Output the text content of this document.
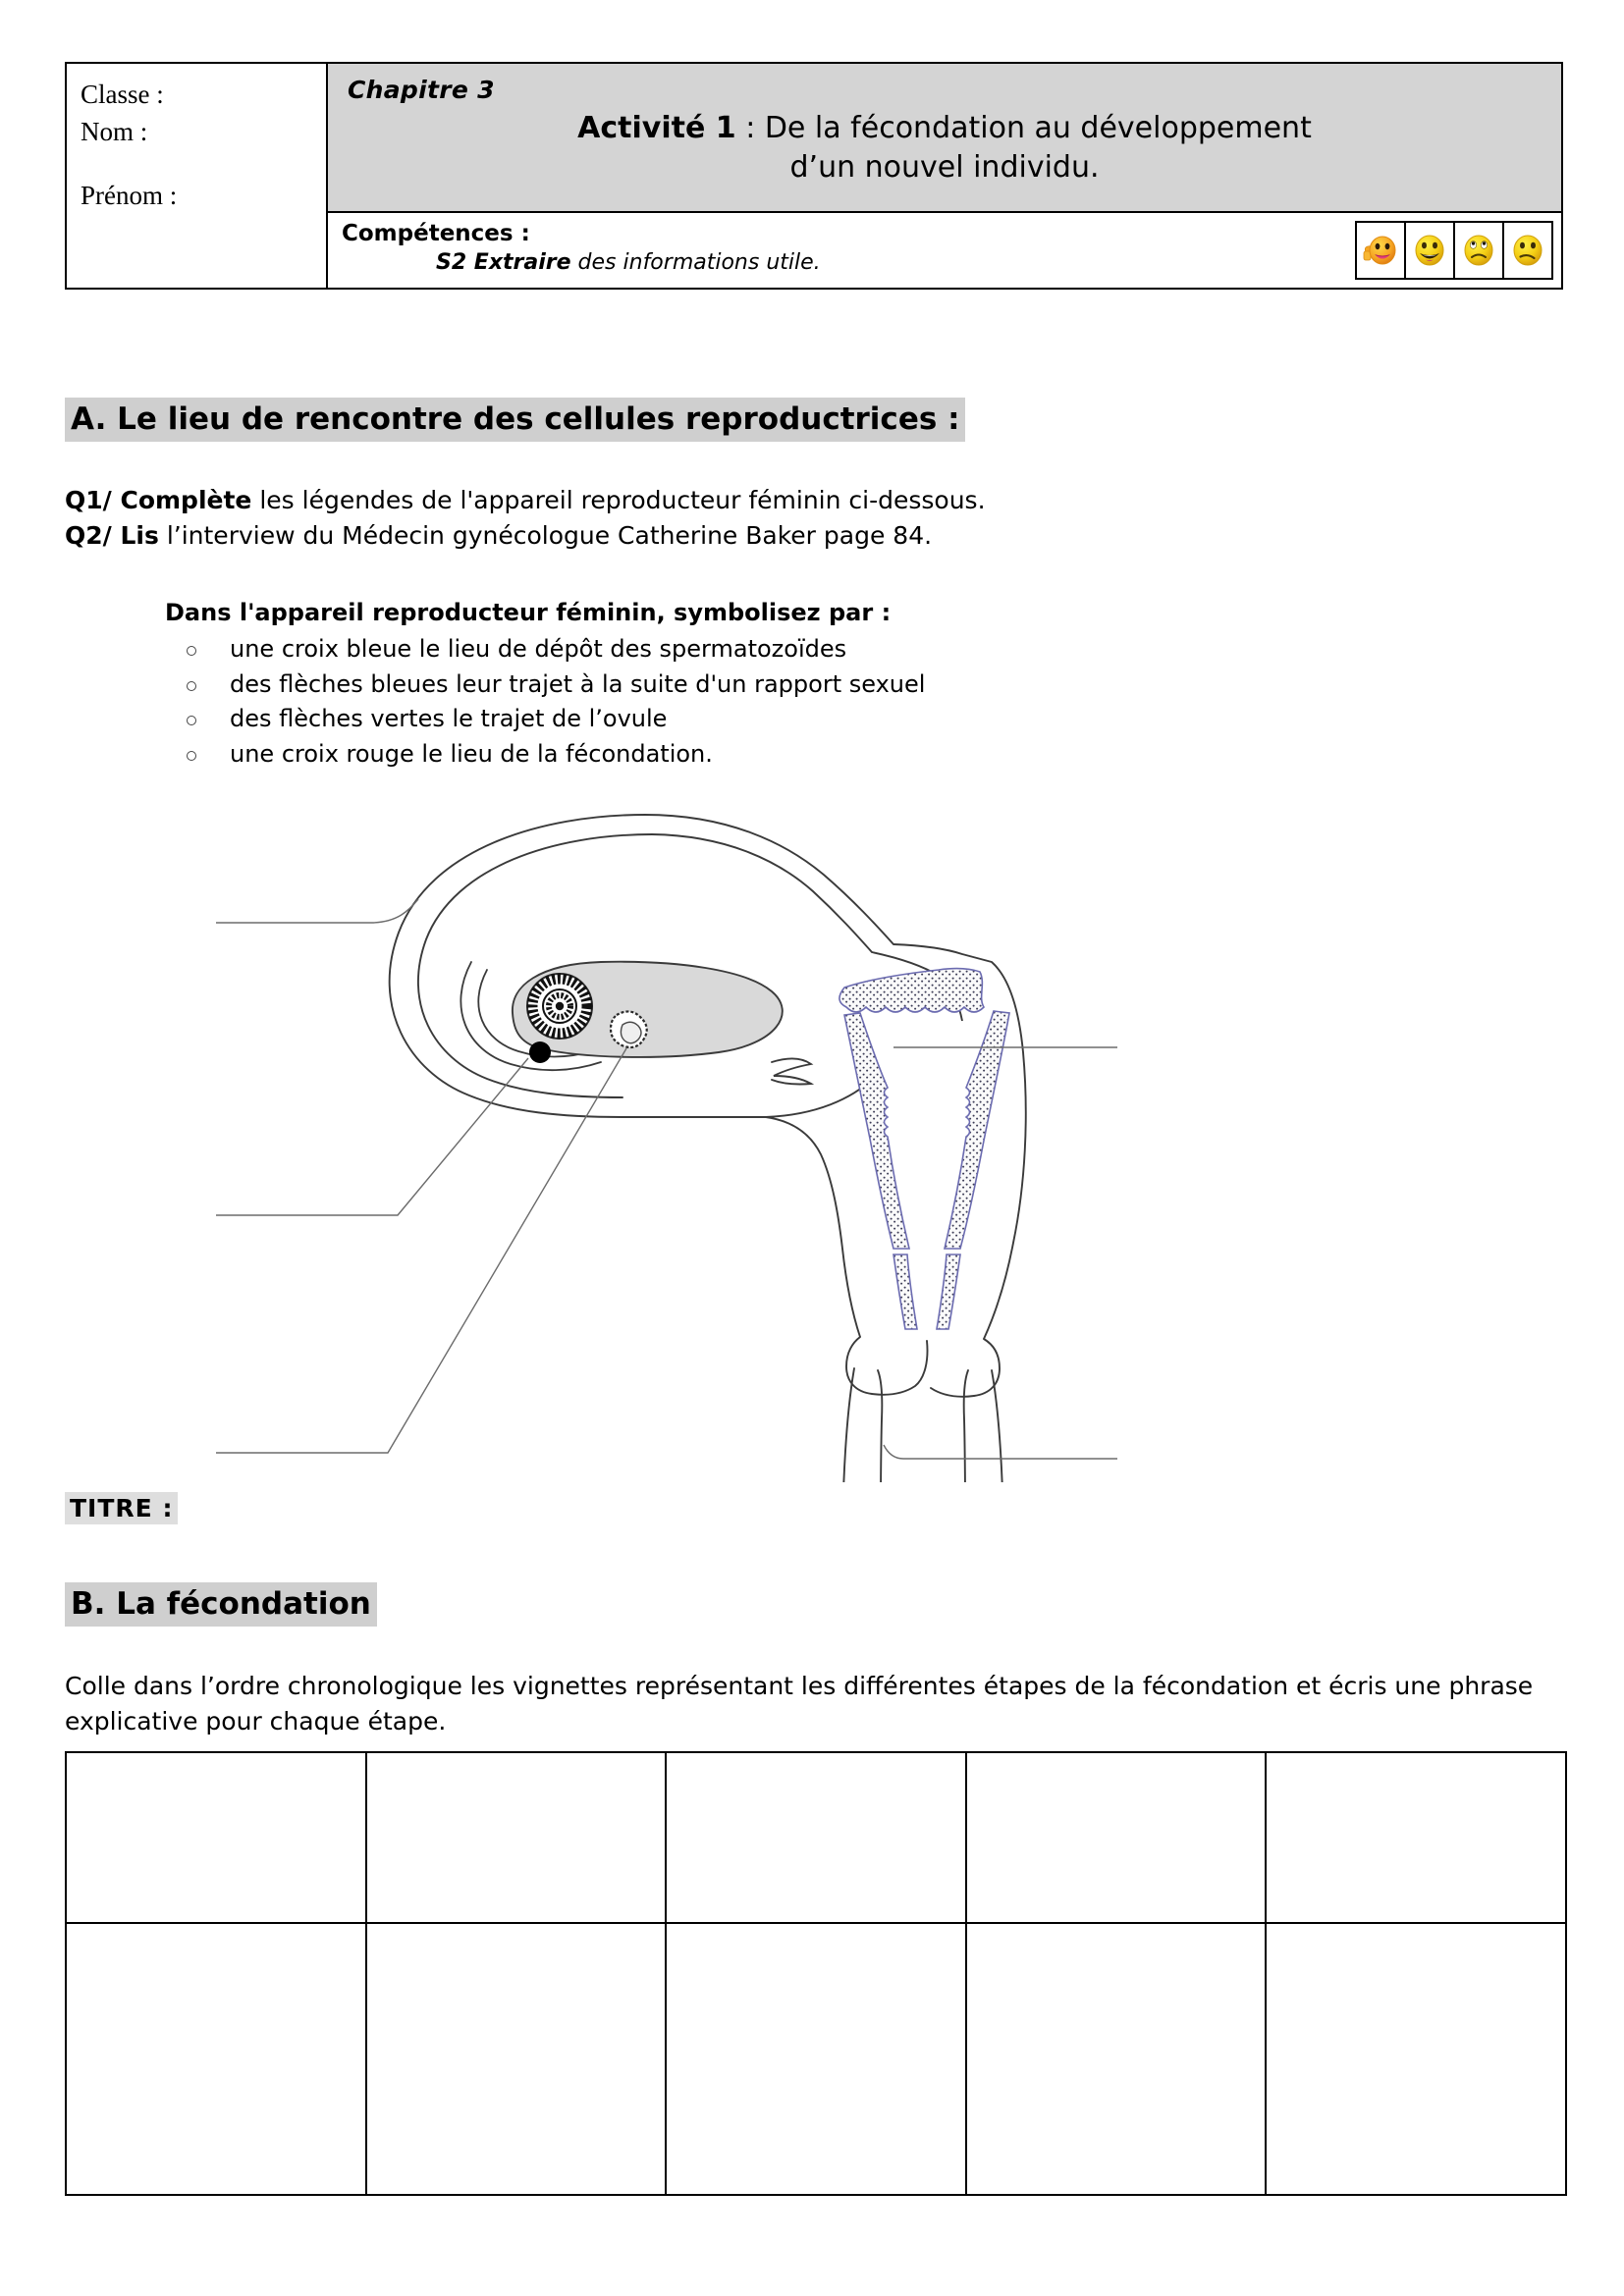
Classe :
Nom :
Prénom :

Chapitre 3
Activité 1 : De la fécondation au développement
d’un nouvel individu.

Compétences :
S2 Extraire des informations utile.
A. Le lieu de rencontre des cellules reproductrices :
Q1/ Complète les légendes de l'appareil reproducteur féminin ci-dessous.
Q2/ Lis l’interview du Médecin gynécologue Catherine Baker page 84.
Dans l'appareil reproducteur féminin, symbolisez par :
une croix bleue le lieu de dépôt des spermatozoïdes
des flèches bleues leur trajet à la suite d'un rapport sexuel
des flèches vertes le trajet de l’ovule
une croix rouge le lieu de la fécondation.
TITRE :
B. La fécondation
Colle dans l’ordre chronologique les vignettes représentant les différentes étapes de la fécondation et écris une phrase explicative pour chaque étape.
